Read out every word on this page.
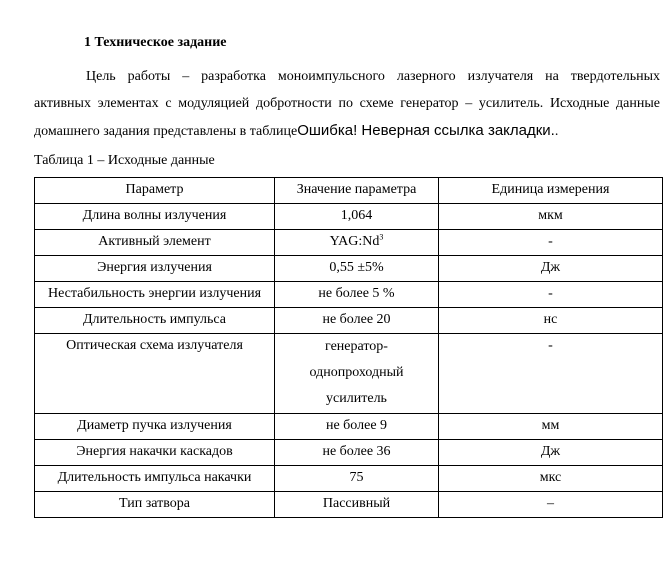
1 Техническое задание
Цель работы – разработка моноимпульсного лазерного излучателя на твердотельных
активных элементах с модуляцией добротности по схеме генератор – усилитель. Исходные данные
домашнего задания представлены в таблицеОшибка! Неверная ссылка закладки..
Таблица 1 – Исходные данные
Параметр	Значение параметра	Единица измерения
Длина волны излучения	1,064	мкм
Активный элемент	YAG:Nd$^3$	-
Энергия излучения	0,55 ±5%	Дж
Нестабильность энергии излучения	не более 5 %	-
Длительность импульса	не более 20	нс
Оптическая схема излучателя	генератор-
однопроходный
усилитель	-
Диаметр пучка излучения	не более 9	мм
Энергия накачки каскадов	не более 36	Дж
Длительность импульса накачки	75	мкс
Тип затвора	Пассивный	–
